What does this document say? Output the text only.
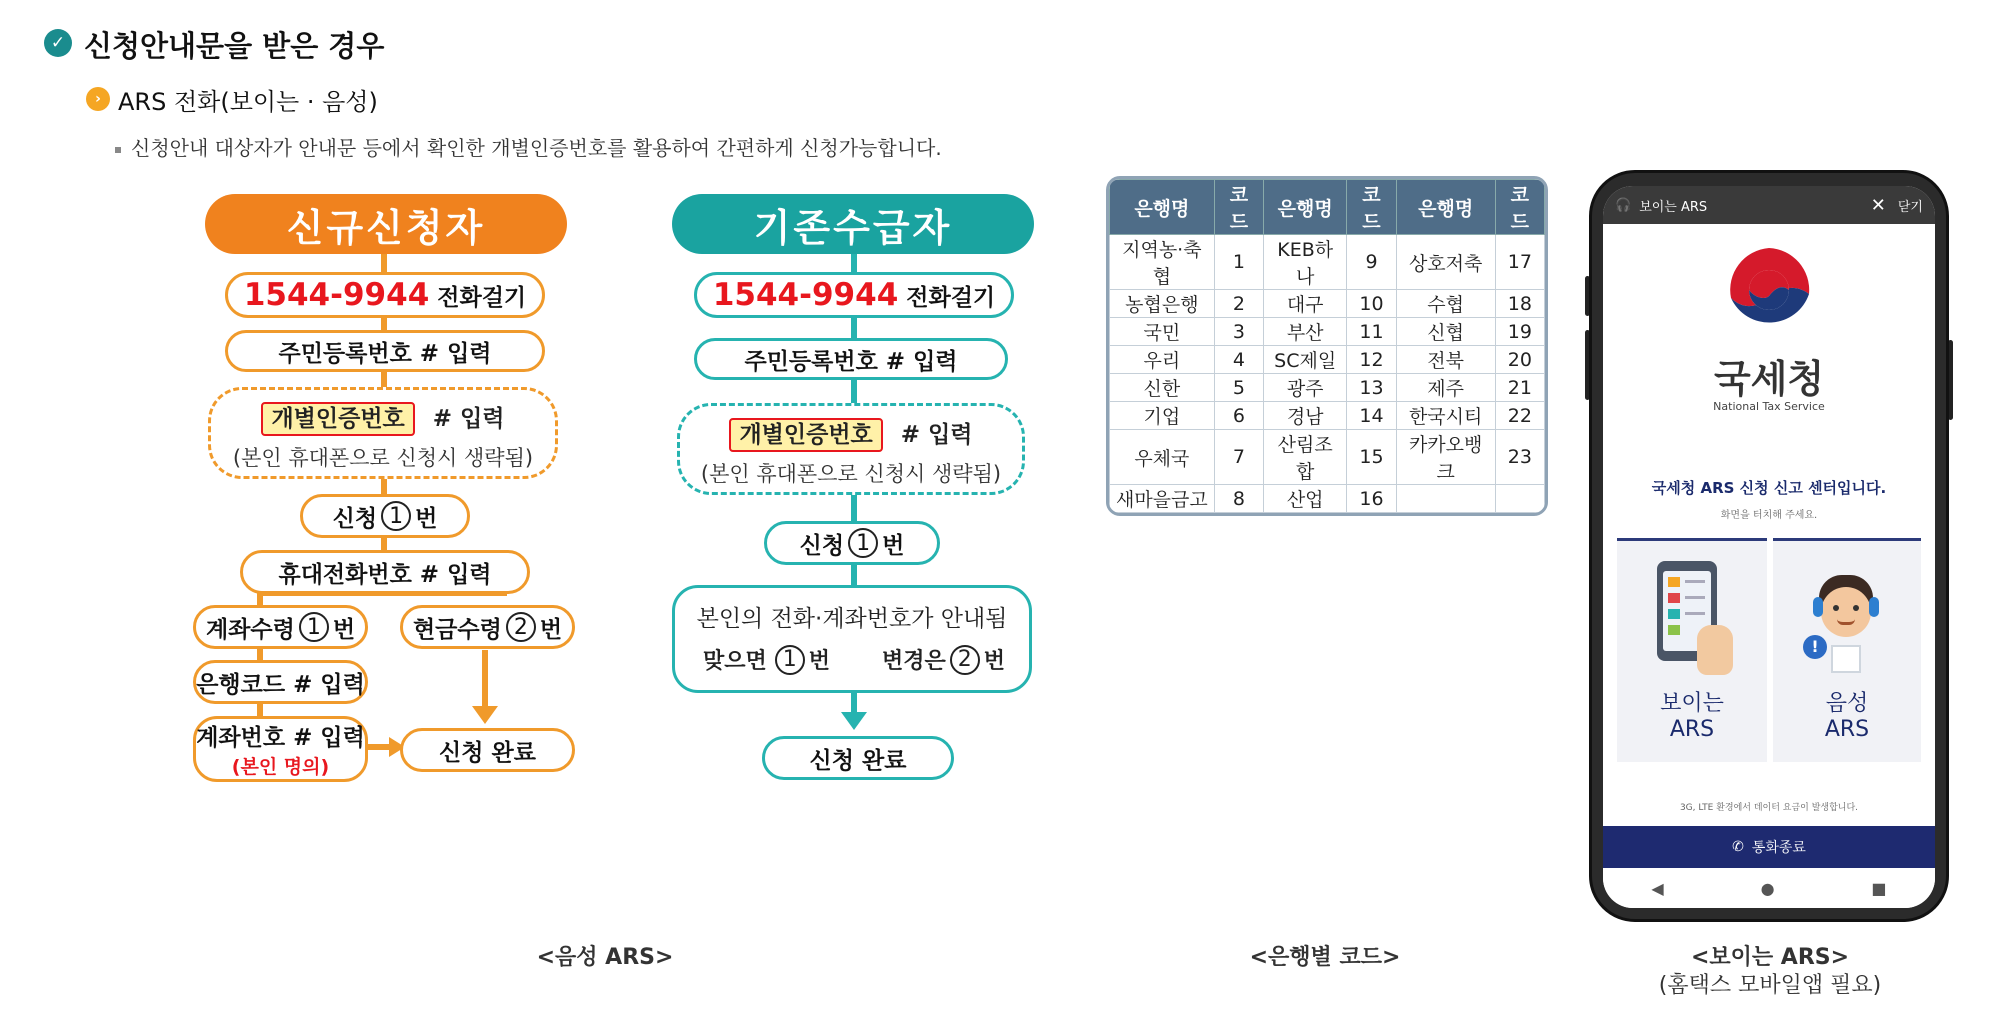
✓ 신청안내문을 받은 경우
› ARS 전화(보이는 · 음성)
신청안내 대상자가 안내문 등에서 확인한 개별인증번호를 활용하여 간편하게 신청가능합니다.
신규신청자
1544-9944 전화걸기
주민등록번호 # 입력
개별인증번호 # 입력
(본인 휴대폰으로 신청시 생략됨)
신청 1 번
휴대전화번호 # 입력
계좌수령 1 번	현금수령 2 번
은행코드 # 입력
계좌번호 # 입력
(본인 명의)
신청 완료
기존수급자
1544-9944 전화걸기
주민등록번호 # 입력
개별인증번호 # 입력
(본인 휴대폰으로 신청시 생략됨)
신청 1 번
본인의 전화·계좌번호가 안내됨
맞으면 1 번 변경은 2 번
신청 완료
은행명	코드	은행명	코드	은행명	코드
지역농·축협	1	KEB하나	9	상호저축	17
농협은행	2	대구	10	수협	18
국민	3	부산	11	신협	19
우리	4	SC제일	12	전북	20
신한	5	광주	13	제주	21
기업	6	경남	14	한국시티	22
우체국	7	산림조합	15	카카오뱅크	23
새마을금고	8	산업	16		
🎧 보이는 ARS	✕ 닫기
국세청
National Tax Service
국세청 ARS 신청 신고 센터입니다.
화면을 터치해 주세요.
보이는
ARS
!
음성
ARS
3G, LTE 환경에서 데이터 요금이 발생합니다.
✆ 통화종료
◀	●	■
<음성 ARS>	<은행별 코드>	<보이는 ARS>
(홈택스 모바일앱 필요)
